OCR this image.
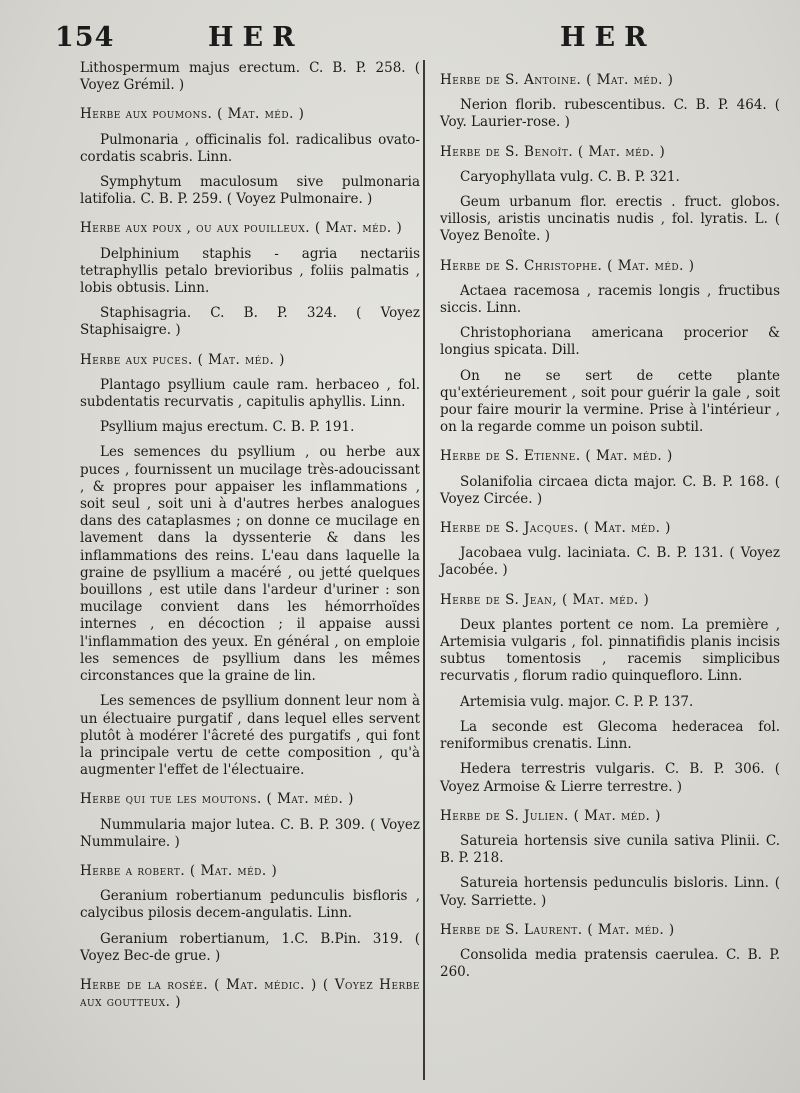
154	HER	HER

Lithospermum majus erectum. C. B. P. 258. ( Voyez Grémil. )

Herbe aux poumons. ( Mat. méd. )

Pulmonaria , officinalis fol. radicalibus ovato-cordatis scabris. Linn.

Symphytum maculosum sive pulmonaria latifolia. C. B. P. 259. ( Voyez Pulmonaire. )

Herbe aux poux , ou aux pouilleux. ( Mat. méd. )

Delphinium staphis - agria nectariis tetraphyllis petalo brevioribus , foliis palmatis , lobis obtusis. Linn.

Staphisagria. C. B. P. 324. ( Voyez Staphisaigre. )

Herbe aux puces. ( Mat. méd. )

Plantago psyllium caule ram. herbaceo , fol. subdentatis recurvatis , capitulis aphyllis. Linn.

Psyllium majus erectum. C. B. P. 191.

Les semences du psyllium , ou herbe aux puces , fournissent un mucilage très-adoucissant , & propres pour appaiser les inflammations , soit seul , soit uni à d'autres herbes analogues dans des cataplasmes ; on donne ce mucilage en lavement dans la dyssenterie & dans les inflammations des reins. L'eau dans laquelle la graine de psyllium a macéré , ou jetté quelques bouillons , est utile dans l'ardeur d'uriner : son mucilage convient dans les hémorrhoïdes internes , en décoction ; il appaise aussi l'inflammation des yeux. En général , on emploie les semences de psyllium dans les mêmes circonstances que la graine de lin.

Les semences de psyllium donnent leur nom à un électuaire purgatif , dans lequel elles servent plutôt à modérer l'âcreté des purgatifs , qui font la principale vertu de cette composition , qu'à augmenter l'effet de l'électuaire.

Herbe qui tue les moutons. ( Mat. méd. )

Nummularia major lutea. C. B. P. 309. ( Voyez Nummulaire. )

Herbe a robert. ( Mat. méd. )

Geranium robertianum pedunculis bisfloris , calycibus pilosis decem-angulatis. Linn.

Geranium robertianum, 1.C. B.Pin. 319. ( Voyez Bec-de grue. )

Herbe de la rosée. ( Mat. médic. ) ( Voyez Herbe aux goutteux. )

Herbe de S. Antoine. ( Mat. méd. )

Nerion florib. rubescentibus. C. B. P. 464. ( Voy. Laurier-rose. )

Herbe de S. Benoît. ( Mat. méd. )

Caryophyllata vulg. C. B. P. 321.

Geum urbanum flor. erectis . fruct. globos. villosis, aristis uncinatis nudis , fol. lyratis. L. ( Voyez Benoîte. )

Herbe de S. Christophe. ( Mat. méd. )

Actaea racemosa , racemis longis , fructibus siccis. Linn.

Christophoriana americana procerior & longius spicata. Dill.

On ne se sert de cette plante qu'extérieurement , soit pour guérir la gale , soit pour faire mourir la vermine. Prise à l'intérieur , on la regarde comme un poison subtil.

Herbe de S. Etienne. ( Mat. méd. )

Solanifolia circaea dicta major. C. B. P. 168. ( Voyez Circée. )

Herbe de S. Jacques. ( Mat. méd. )

Jacobaea vulg. laciniata. C. B. P. 131. ( Voyez Jacobée. )

Herbe de S. Jean, ( Mat. méd. )

Deux plantes portent ce nom. La première , Artemisia vulgaris , fol. pinnatifidis planis incisis subtus tomentosis , racemis simplicibus recurvatis , florum radio quinquefloro. Linn.

Artemisia vulg. major. C. P. P. 137.

La seconde est Glecoma hederacea fol. reniformibus crenatis. Linn.

Hedera terrestris vulgaris. C. B. P. 306. ( Voyez Armoise & Lierre terrestre. )

Herbe de S. Julien. ( Mat. méd. )

Satureia hortensis sive cunila sativa Plinii. C. B. P. 218.

Satureia hortensis pedunculis bisloris. Linn. ( Voy. Sarriette. )

Herbe de S. Laurent. ( Mat. méd. )

Consolida media pratensis caerulea. C. B. P. 260.
